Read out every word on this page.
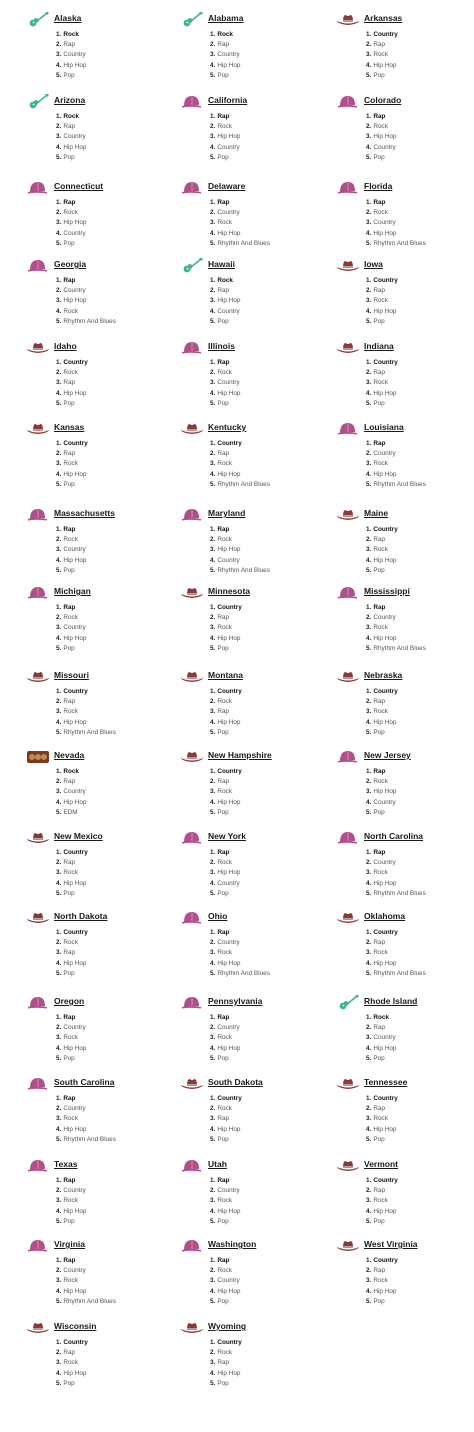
Alaska
1. Rock
2. Rap
3. Country
4. Hip Hop
5. Pop
Alabama
1. Rock
2. Rap
3. Country
4. Hip Hop
5. Pop
Arkansas
1. Country
2. Rap
3. Rock
4. Hip Hop
5. Pop
Arizona
1. Rock
2. Rap
3. Country
4. Hip Hop
5. Pop
California
1. Rap
2. Rock
3. Hip Hop
4. Country
5. Pop
Colorado
1. Rap
2. Rock
3. Hip Hop
4. Country
5. Pop
Connecticut
1. Rap
2. Rock
3. Hip Hop
4. Country
5. Pop
Delaware
1. Rap
2. Country
3. Rock
4. Hip Hop
5. Rhythm And Blues
Florida
1. Rap
2. Rock
3. Country
4. Hip Hop
5. Rhythm And Blues
Georgia
1. Rap
2. Country
3. Hip Hop
4. Rock
5. Rhythm And Blues
Hawaii
1. Rock
2. Rap
3. Hip Hop
4. Country
5. Pop
Iowa
1. Country
2. Rap
3. Rock
4. Hip Hop
5. Pop
Idaho
1. Country
2. Rock
3. Rap
4. Hip Hop
5. Pop
Illinois
1. Rap
2. Rock
3. Country
4. Hip Hop
5. Pop
Indiana
1. Country
2. Rap
3. Rock
4. Hip Hop
5. Pop
Kansas
1. Country
2. Rap
3. Rock
4. Hip Hop
5. Pop
Kentucky
1. Country
2. Rap
3. Rock
4. Hip Hop
5. Rhythm And Blues
Louisiana
1. Rap
2. Country
3. Rock
4. Hip Hop
5. Rhythm And Blues
Massachusetts
1. Rap
2. Rock
3. Country
4. Hip Hop
5. Pop
Maryland
1. Rap
2. Rock
3. Hip Hop
4. Country
5. Rhythm And Blues
Maine
1. Country
2. Rap
3. Rock
4. Hip Hop
5. Pop
Michigan
1. Rap
2. Rock
3. Country
4. Hip Hop
5. Pop
Minnesota
1. Country
2. Rap
3. Rock
4. Hip Hop
5. Pop
Mississippi
1. Rap
2. Country
3. Rock
4. Hip Hop
5. Rhythm And Blues
Missouri
1. Country
2. Rap
3. Rock
4. Hip Hop
5. Rhythm And Blues
Montana
1. Country
2. Rock
3. Rap
4. Hip Hop
5. Pop
Nebraska
1. Country
2. Rap
3. Rock
4. Hip Hop
5. Pop
Nevada
1. Rock
2. Rap
3. Country
4. Hip Hop
5. EDM
New Hampshire
1. Country
2. Rap
3. Rock
4. Hip Hop
5. Pop
New Jersey
1. Rap
2. Rock
3. Hip Hop
4. Country
5. Pop
New Mexico
1. Country
2. Rap
3. Rock
4. Hip Hop
5. Pop
New York
1. Rap
2. Rock
3. Hip Hop
4. Country
5. Pop
North Carolina
1. Rap
2. Country
3. Rock
4. Hip Hop
5. Rhythm And Blues
North Dakota
1. Country
2. Rock
3. Rap
4. Hip Hop
5. Pop
Ohio
1. Rap
2. Country
3. Rock
4. Hip Hop
5. Rhythm And Blues
Oklahoma
1. Country
2. Rap
3. Rock
4. Hip Hop
5. Rhythm And Blues
Oregon
1. Rap
2. Country
3. Rock
4. Hip Hop
5. Pop
Pennsylvania
1. Rap
2. Country
3. Rock
4. Hip Hop
5. Pop
Rhode Island
1. Rock
2. Rap
3. Country
4. Hip Hop
5. Pop
South Carolina
1. Rap
2. Country
3. Rock
4. Hip Hop
5. Rhythm And Blues
South Dakota
1. Country
2. Rock
3. Rap
4. Hip Hop
5. Pop
Tennessee
1. Country
2. Rap
3. Rock
4. Hip Hop
5. Pop
Texas
1. Rap
2. Country
3. Rock
4. Hip Hop
5. Pop
Utah
1. Rap
2. Country
3. Rock
4. Hip Hop
5. Pop
Vermont
1. Country
2. Rap
3. Rock
4. Hip Hop
5. Pop
Virginia
1. Rap
2. Country
3. Rock
4. Hip Hop
5. Rhythm And Blues
Washington
1. Rap
2. Rock
3. Country
4. Hip Hop
5. Pop
West Virginia
1. Country
2. Rap
3. Rock
4. Hip Hop
5. Pop
Wisconsin
1. Country
2. Rap
3. Rock
4. Hip Hop
5. Pop
Wyoming
1. Country
2. Rock
3. Rap
4. Hip Hop
5. Pop
